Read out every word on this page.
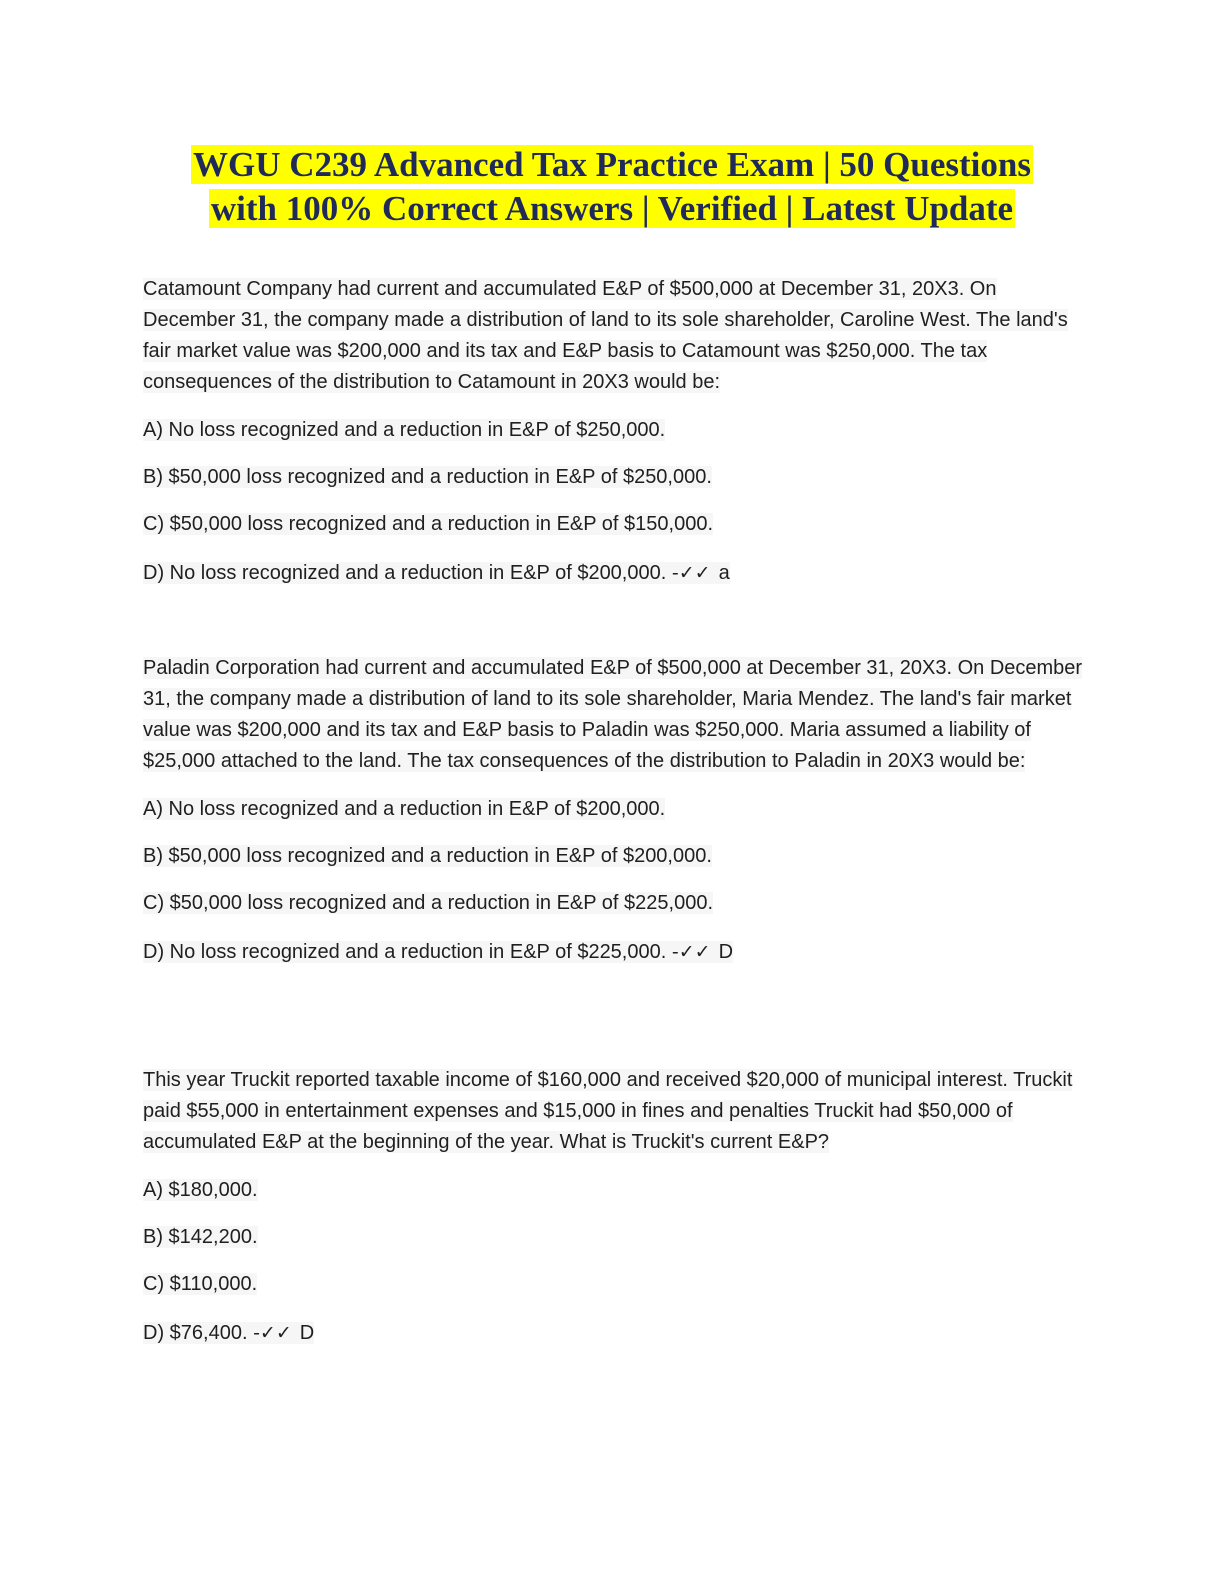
WGU C239 Advanced Tax Practice Exam | 50 Questions
with 100% Correct Answers | Verified | Latest Update

Catamount Company had current and accumulated E&P of $500,000 at December 31, 20X3. On December 31, the company made a distribution of land to its sole shareholder, Caroline West. The land's fair market value was $200,000 and its tax and E&P basis to Catamount was $250,000. The tax consequences of the distribution to Catamount in 20X3 would be:

A) No loss recognized and a reduction in E&P of $250,000.

B) $50,000 loss recognized and a reduction in E&P of $250,000.

C) $50,000 loss recognized and a reduction in E&P of $150,000.

D) No loss recognized and a reduction in E&P of $200,000. -✓✓ a

Paladin Corporation had current and accumulated E&P of $500,000 at December 31, 20X3. On December 31, the company made a distribution of land to its sole shareholder, Maria Mendez. The land's fair market value was $200,000 and its tax and E&P basis to Paladin was $250,000. Maria assumed a liability of $25,000 attached to the land. The tax consequences of the distribution to Paladin in 20X3 would be:

A) No loss recognized and a reduction in E&P of $200,000.

B) $50,000 loss recognized and a reduction in E&P of $200,000.

C) $50,000 loss recognized and a reduction in E&P of $225,000.

D) No loss recognized and a reduction in E&P of $225,000. -✓✓ D

This year Truckit reported taxable income of $160,000 and received $20,000 of municipal interest. Truckit paid $55,000 in entertainment expenses and $15,000 in fines and penalties Truckit had $50,000 of accumulated E&P at the beginning of the year. What is Truckit's current E&P?

A) $180,000.

B) $142,200.

C) $110,000.

D) $76,400. -✓✓ D
